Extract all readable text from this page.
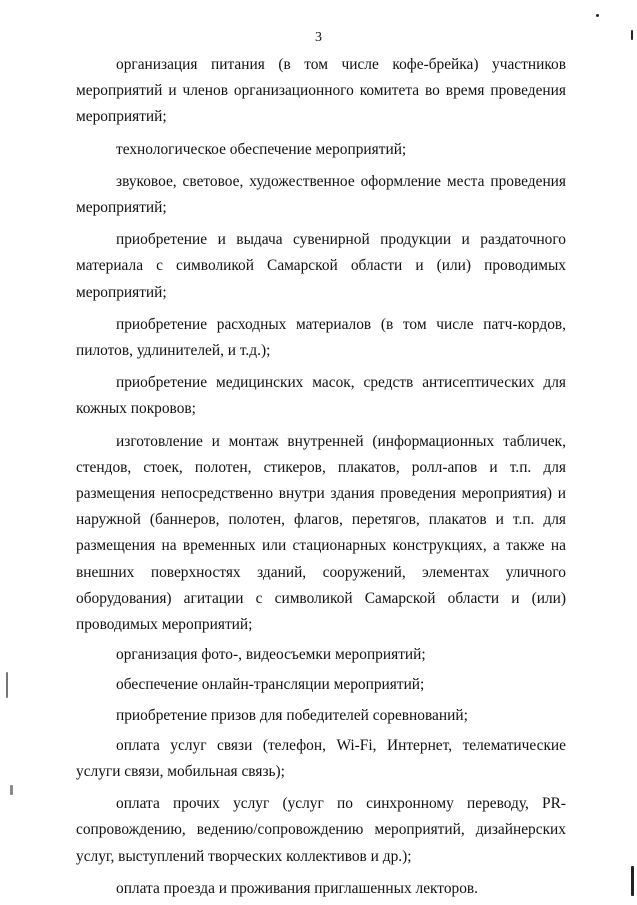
3

организация питания (в том числе кофе-брейка) участников мероприятий и членов организационного комитета во время проведения мероприятий;

технологическое обеспечение мероприятий;

звуковое, световое, художественное оформление места проведения мероприятий;

приобретение и выдача сувенирной продукции и раздаточного материала с символикой Самарской области и (или) проводимых мероприятий;

приобретение расходных материалов (в том числе патч-кордов, пилотов, удлинителей, и т.д.);

приобретение медицинских масок, средств антисептических для кожных покровов;

изготовление и монтаж внутренней (информационных табличек, стендов, стоек, полотен, стикеров, плакатов, ролл-апов и т.п. для размещения непосредственно внутри здания проведения мероприятия) и наружной (баннеров, полотен, флагов, перетягов, плакатов и т.п. для размещения на временных или стационарных конструкциях, а также на внешних поверхностях зданий, сооружений, элементах уличного оборудования) агитации с символикой Самарской области и (или) проводимых мероприятий;

организация фото-, видеосъемки мероприятий;

обеспечение онлайн-трансляции мероприятий;

приобретение призов для победителей соревнований;

оплата услуг связи (телефон, Wi-Fi, Интернет, телематические услуги связи, мобильная связь);

оплата прочих услуг (услуг по синхронному переводу, PR-сопровождению, ведению/сопровождению мероприятий, дизайнерских услуг, выступлений творческих коллективов и др.);

оплата проезда и проживания приглашенных лекторов.
